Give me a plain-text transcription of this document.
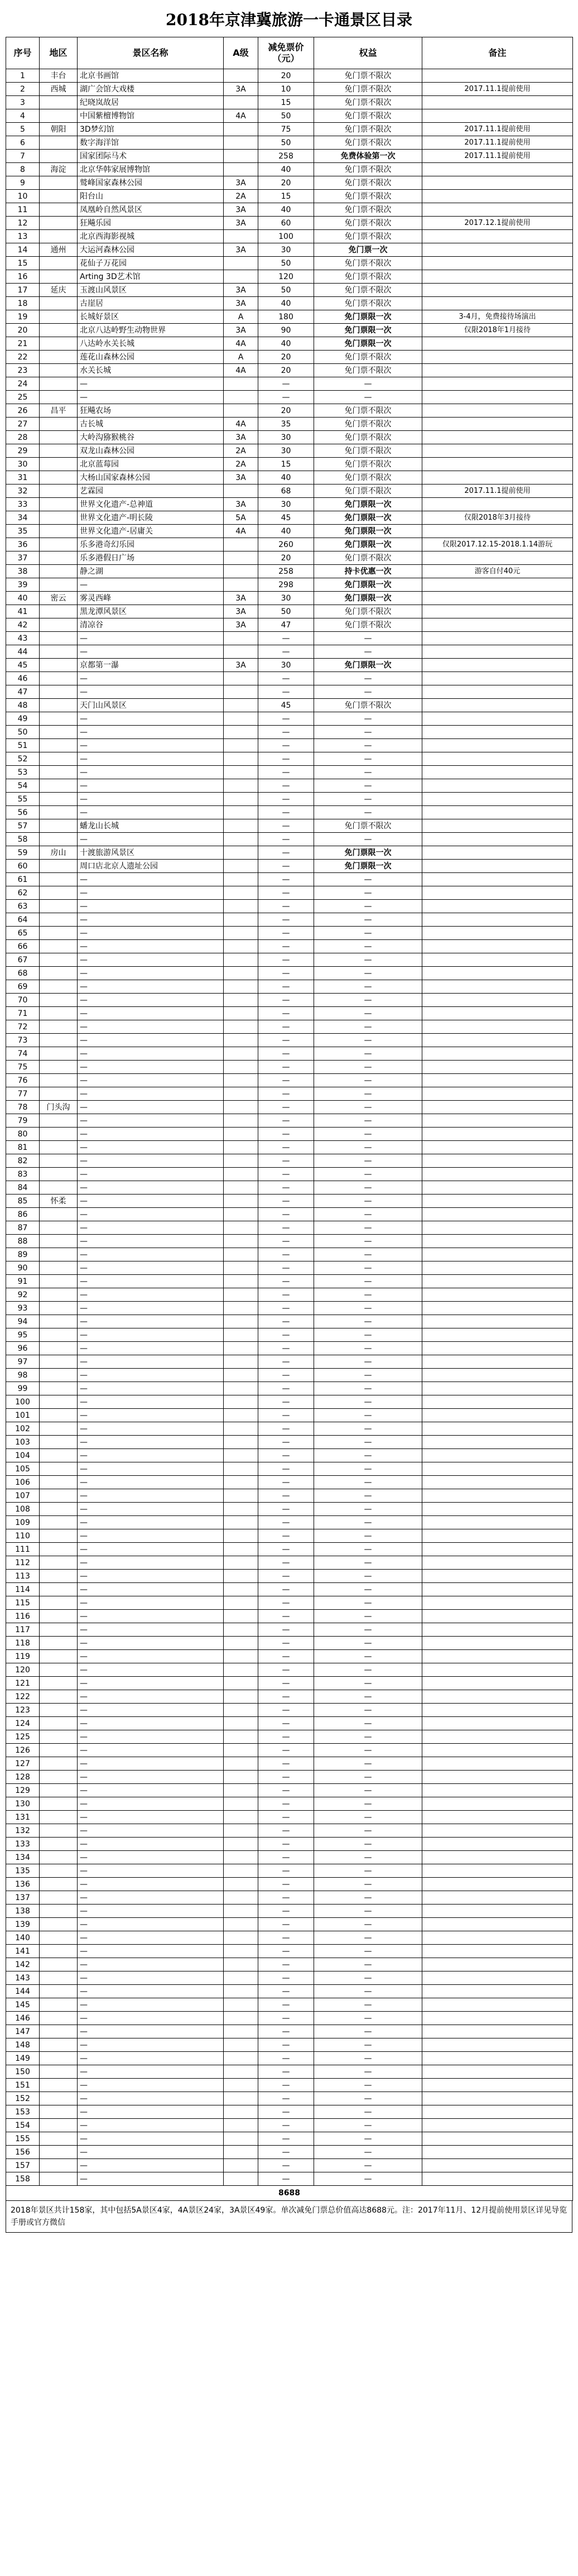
2018年京津冀旅游一卡通景区目录
序号	地区	景区名称	A级	减免票价（元）	权益	备注
1	丰台	北京书画馆		20	免门票不限次	
2	西城	湖广会馆大戏楼	3A	10	免门票不限次	2017.11.1提前使用
3		纪晓岚故居		15	免门票不限次	
4		中国紫檀博物馆	4A	50	免门票不限次	
5	朝阳	3D梦幻馆		75	免门票不限次	2017.11.1提前使用
6		数字海洋馆		50	免门票不限次	2017.11.1提前使用
7		国家团际马术		258	免费体验第一次	2017.11.1提前使用
8	海淀	北京华韩家展博物馆		40	免门票不限次	
9		鹫峰国家森林公园	3A	20	免门票不限次	
10		阳台山	2A	15	免门票不限次	
11		凤凰岭自然风景区	3A	40	免门票不限次	
12		狂飚乐园	3A	60	免门票不限次	2017.12.1提前使用
13		北京西海影视城		100	免门票不限次	
14	通州	大运河森林公园	3A	30	免门票一次	
15		花仙子万花园		50	免门票不限次	
16		Arting 3D艺术馆		120	免门票不限次	
17	延庆	玉渡山风景区	3A	50	免门票不限次	
18		古崖居	3A	40	免门票不限次	
19		长城好景区	A	180	免门票限一次	3-4月，免费接待场演出
20		北京八达岭野生动物世界	3A	90	免门票限一次	仅限2018年1月接待
21		八达岭水关长城	4A	40	免门票限一次	
22		莲花山森林公园	A	20	免门票不限次	
23		水关长城	4A	20	免门票不限次	
24		—		—	—	
25		—		—	—	
26	昌平	狂飚农场		20	免门票不限次	
27		古长城	4A	35	免门票不限次	
28		大岭沟猕猴桃谷	3A	30	免门票不限次	
29		双龙山森林公园	2A	30	免门票不限次	
30		北京蓝莓园	2A	15	免门票不限次	
31		大杨山国家森林公园	3A	40	免门票不限次	
32		艺霖园		68	免门票不限次	2017.11.1提前使用
33		世界文化遗产-总神道	3A	30	免门票限一次	
34		世界文化遗产-明长陵	5A	45	免门票限一次	仅限2018年3月接待
35		世界文化遗产-居庸关	4A	40	免门票限一次	
36		乐多港奇幻乐园		260	免门票限一次	仅限2017.12.15-2018.1.14游玩
37		乐多港假日广场		20	免门票不限次	
38		静之湖		258	持卡优惠一次	游客自付40元
39		—		298	免门票限一次	
40	密云	雾灵西峰	3A	30	免门票限一次	
41		黑龙潭风景区	3A	50	免门票不限次	
42		清凉谷	3A	47	免门票不限次	
43		—		—	—	
44		—		—	—	
45		京都第一瀑	3A	30	免门票限一次	
46		—		—	—	
47		—		—	—	
48		天门山风景区		45	免门票不限次	
49		—		—	—	
50		—		—	—	
51		—		—	—	
52		—		—	—	
53		—		—	—	
54		—		—	—	
55		—		—	—	
56		—		—	—	
57		蟠龙山长城		—	免门票不限次	
58		—		—	—	
59	房山	十渡旅游风景区		—	免门票限一次	
60		周口店北京人遗址公园		—	免门票限一次	
61		—		—	—	
62		—		—	—	
63		—		—	—	
64		—		—	—	
65		—		—	—	
66		—		—	—	
67		—		—	—	
68		—		—	—	
69		—		—	—	
70		—		—	—	
71		—		—	—	
72		—		—	—	
73		—		—	—	
74		—		—	—	
75		—		—	—	
76		—		—	—	
77		—		—	—	
78	门头沟	—		—	—	
79		—		—	—	
80		—		—	—	
81		—		—	—	
82		—		—	—	
83		—		—	—	
84		—		—	—	
85	怀柔	—		—	—	
86		—		—	—	
87		—		—	—	
88		—		—	—	
89		—		—	—	
90		—		—	—	
91		—		—	—	
92		—		—	—	
93		—		—	—	
94		—		—	—	
95		—		—	—	
96		—		—	—	
97		—		—	—	
98		—		—	—	
99		—		—	—	
100		—		—	—	
101		—		—	—	
102		—		—	—	
103		—		—	—	
104		—		—	—	
105		—		—	—	
106		—		—	—	
107		—		—	—	
108		—		—	—	
109		—		—	—	
110		—		—	—	
111		—		—	—	
112		—		—	—	
113		—		—	—	
114		—		—	—	
115		—		—	—	
116		—		—	—	
117		—		—	—	
118		—		—	—	
119		—		—	—	
120		—		—	—	
121		—		—	—	
122		—		—	—	
123		—		—	—	
124		—		—	—	
125		—		—	—	
126		—		—	—	
127		—		—	—	
128		—		—	—	
129		—		—	—	
130		—		—	—	
131		—		—	—	
132		—		—	—	
133		—		—	—	
134		—		—	—	
135		—		—	—	
136		—		—	—	
137		—		—	—	
138		—		—	—	
139		—		—	—	
140		—		—	—	
141		—		—	—	
142		—		—	—	
143		—		—	—	
144		—		—	—	
145		—		—	—	
146		—		—	—	
147		—		—	—	
148		—		—	—	
149		—		—	—	
150		—		—	—	
151		—		—	—	
152		—		—	—	
153		—		—	—	
154		—		—	—	
155		—		—	—	
156		—		—	—	
157		—		—	—	
158		—		—	—	
8688						
2018年景区共计158家，其中包括5A景区4家，4A景区24家，3A景区49家。单次减免门票总价值高达8688元。注：2017年11月、12月提前使用景区详见导览手册或官方微信
